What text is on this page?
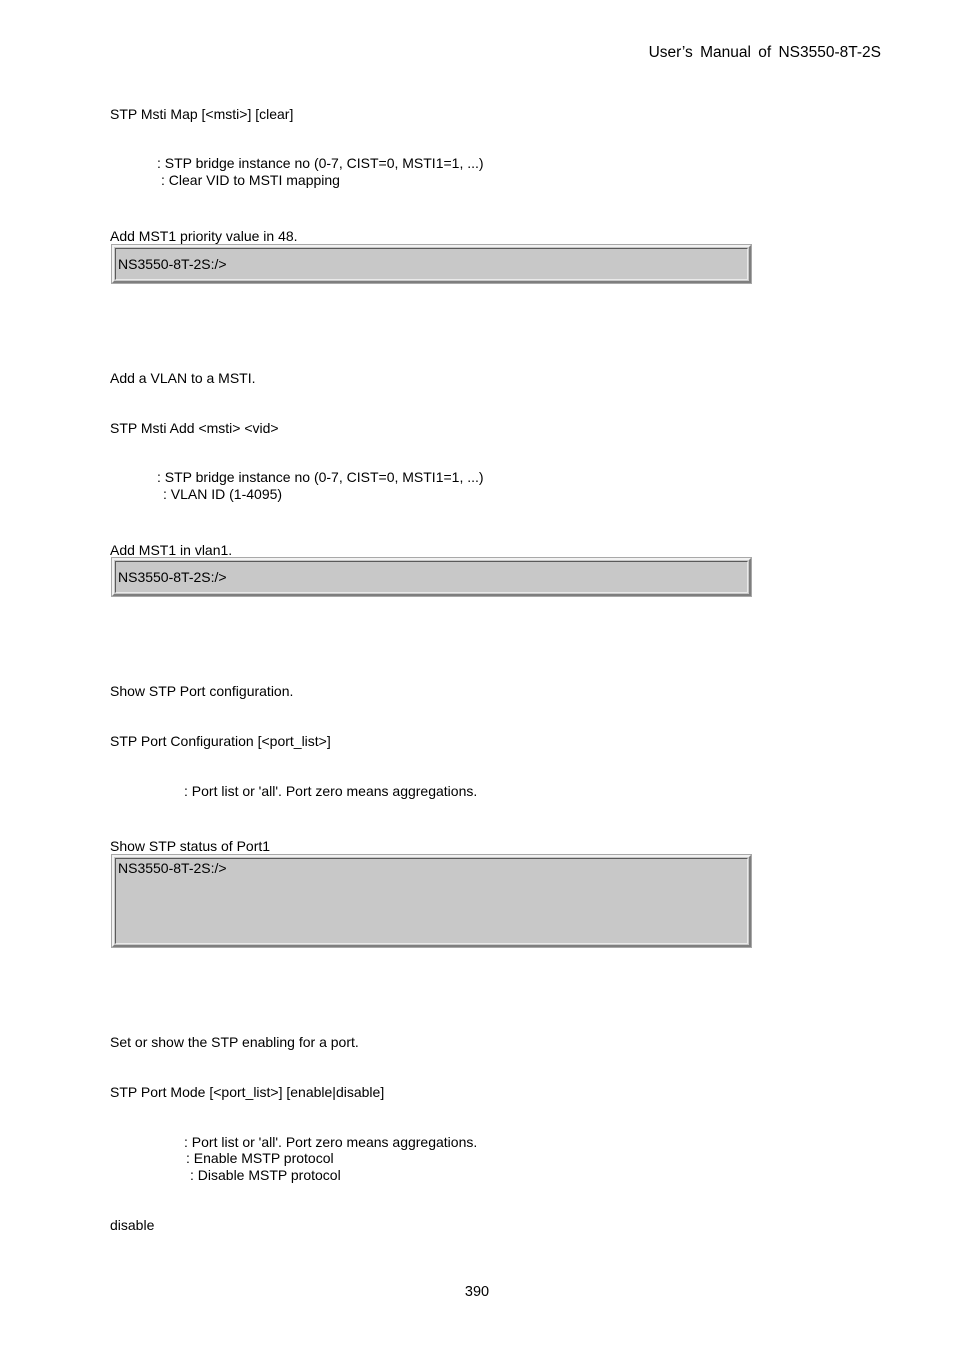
User’s Manual of NS3550-8T-2S
STP Msti Map [<msti>] [clear]
: STP bridge instance no (0-7, CIST=0, MSTI1=1, ...)
: Clear VID to MSTI mapping
Add MST1 priority value in 48.
NS3550-8T-2S:/>
Add a VLAN to a MSTI.
STP Msti Add <msti> <vid>
: STP bridge instance no (0-7, CIST=0, MSTI1=1, ...)
: VLAN ID (1-4095)
Add MST1 in vlan1.
NS3550-8T-2S:/>
Show STP Port configuration.
STP Port Configuration [<port_list>]
: Port list or 'all'. Port zero means aggregations.
Show STP status of Port1
NS3550-8T-2S:/>
Set or show the STP enabling for a port.
STP Port Mode [<port_list>] [enable|disable]
: Port list or 'all'. Port zero means aggregations.
: Enable MSTP protocol
: Disable MSTP protocol
disable
390
